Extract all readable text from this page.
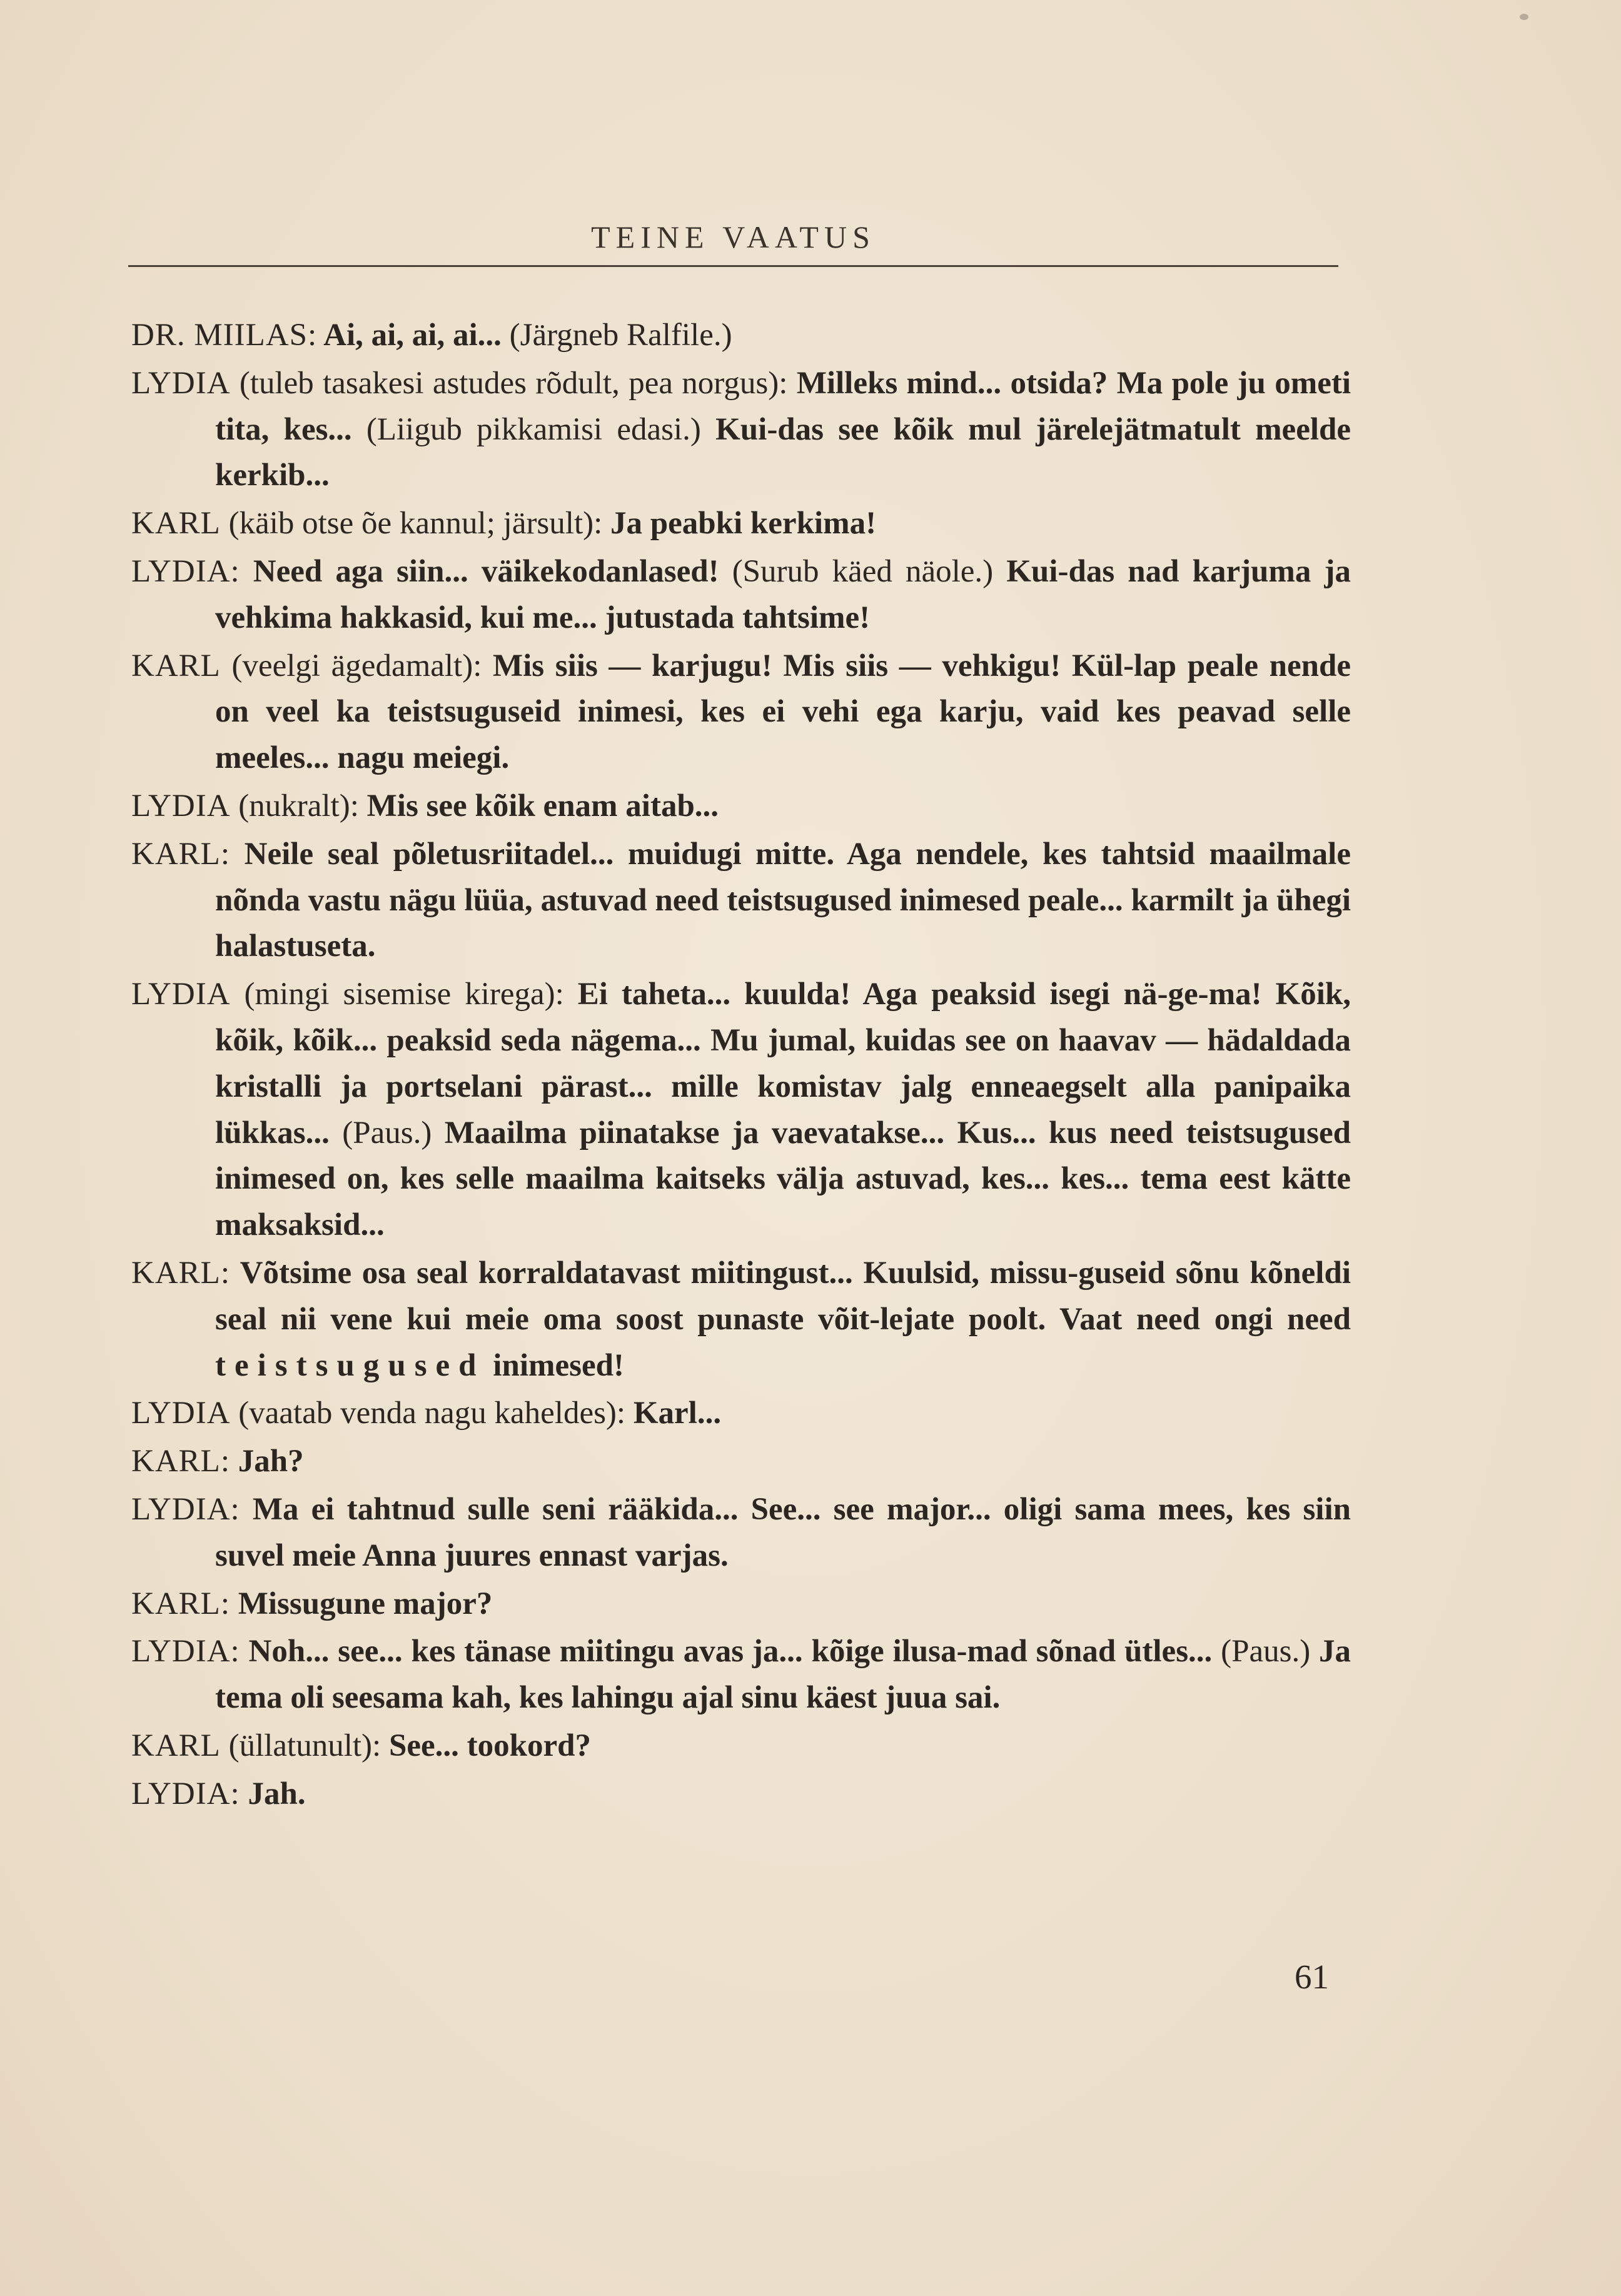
TEINE VAATUS

DR. MIILAS: Ai, ai, ai, ai... (Järgneb Ralfile.)

LYDIA (tuleb tasakesi astudes rõdult, pea norgus): Milleks mind... otsida? Ma pole ju ometi tita, kes... (Liigub pikkamisi edasi.) Kui-das see kõik mul järelejätmatult meelde kerkib...

KARL (käib otse õe kannul; järsult): Ja peabki kerkima!

LYDIA: Need aga siin... väikekodanlased! (Surub käed näole.) Kui-das nad karjuma ja vehkima hakkasid, kui me... jutustada tahtsime!

KARL (veelgi ägedamalt): Mis siis — karjugu! Mis siis — vehkigu! Kül-lap peale nende on veel ka teistsuguseid inimesi, kes ei vehi ega karju, vaid kes peavad selle meeles... nagu meiegi.

LYDIA (nukralt): Mis see kõik enam aitab...

KARL: Neile seal põletusriitadel... muidugi mitte. Aga nendele, kes tahtsid maailmale nõnda vastu nägu lüüa, astuvad need teistsugused inimesed peale... karmilt ja ühegi halastuseta.

LYDIA (mingi sisemise kirega): Ei taheta... kuulda! Aga peaksid isegi nä-ge-ma! Kõik, kõik, kõik... peaksid seda nägema... Mu jumal, kuidas see on haavav — hädaldada kristalli ja portselani pärast... mille komistav jalg enneaegselt alla panipaika lükkas... (Paus.) Maailma piinatakse ja vaevatakse... Kus... kus need teistsugused inimesed on, kes selle maailma kaitseks välja astuvad, kes... kes... tema eest kätte maksaksid...

KARL: Võtsime osa seal korraldatavast miitingust... Kuulsid, missu-guseid sõnu kõneldi seal nii vene kui meie oma soost punaste võit-lejate poolt. Vaat need ongi need teistsugused inimesed!

LYDIA (vaatab venda nagu kaheldes): Karl...

KARL: Jah?

LYDIA: Ma ei tahtnud sulle seni rääkida... See... see major... oligi sama mees, kes siin suvel meie Anna juures ennast varjas.

KARL: Missugune major?

LYDIA: Noh... see... kes tänase miitingu avas ja... kõige ilusa-mad sõnad ütles... (Paus.) Ja tema oli seesama kah, kes lahingu ajal sinu käest juua sai.

KARL (üllatunult): See... tookord?

LYDIA: Jah.

61
